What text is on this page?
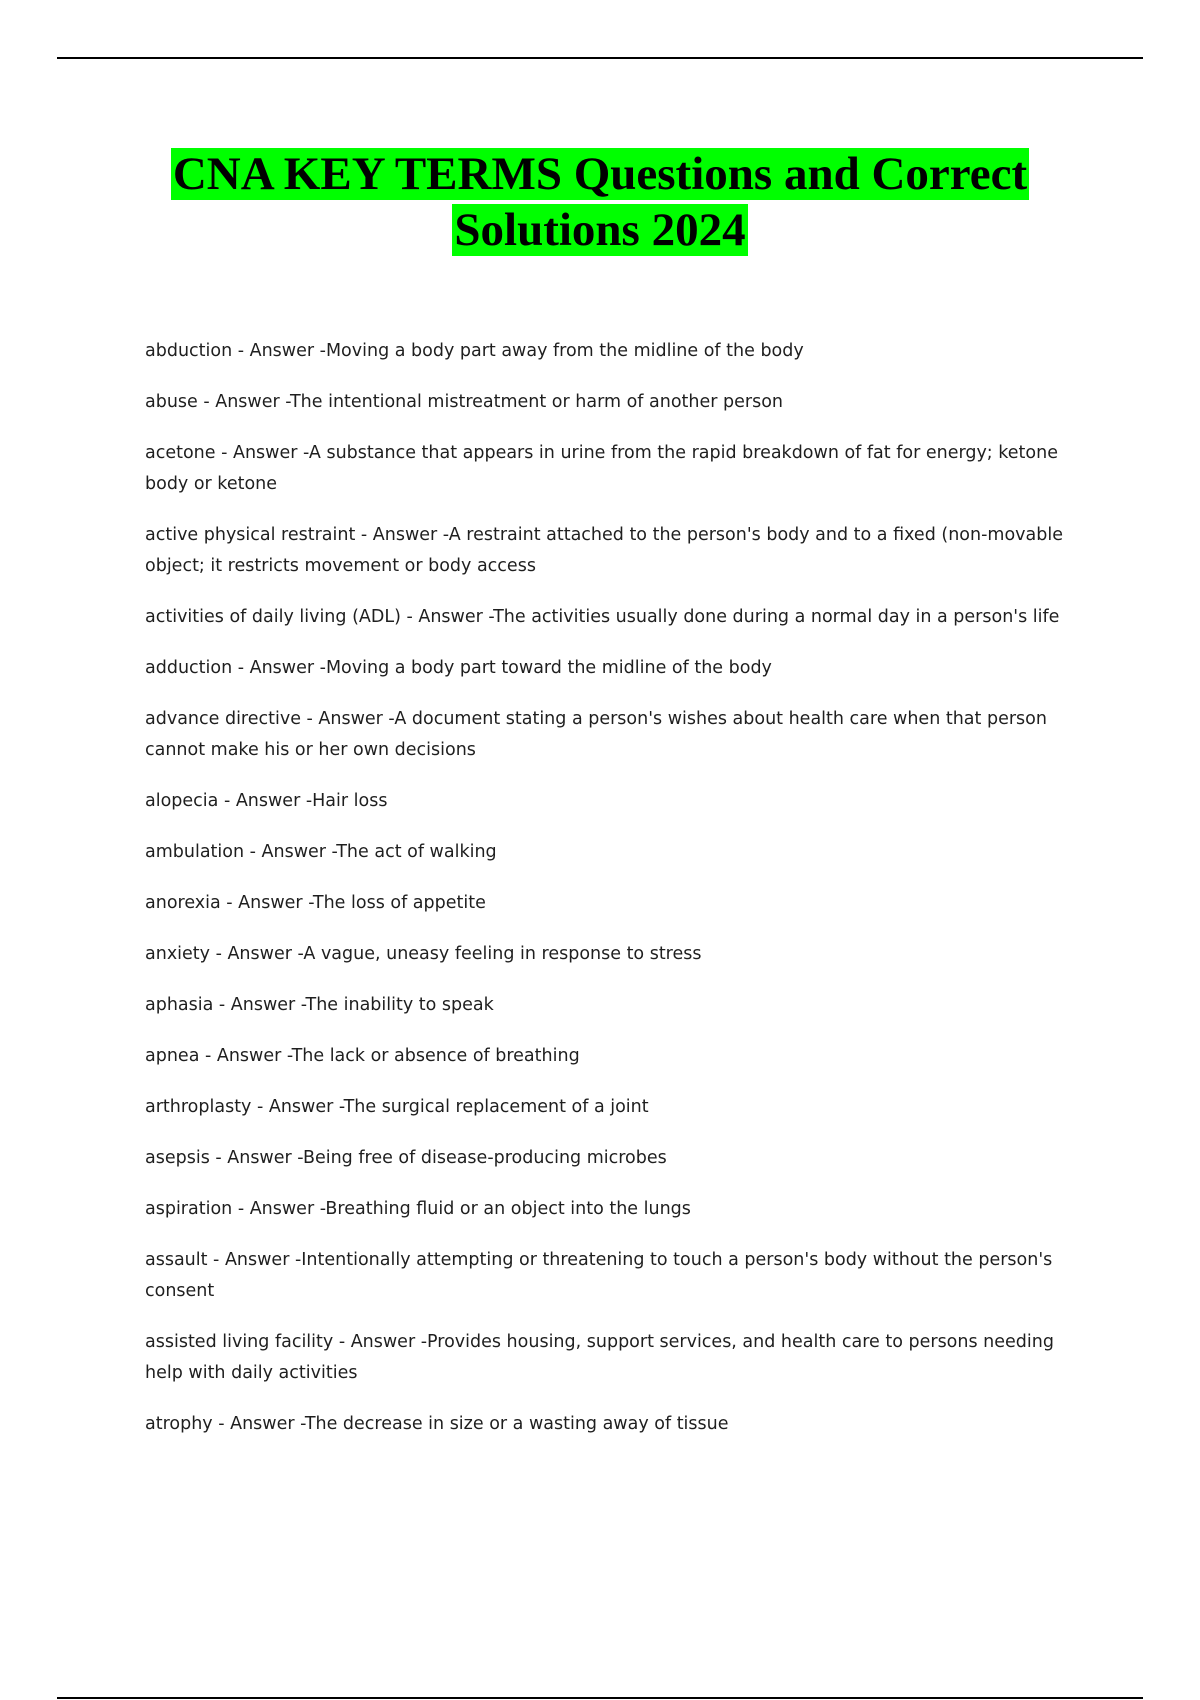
CNA KEY TERMS Questions and Correct
Solutions 2024
abduction - Answer -Moving a body part away from the midline of the body
abuse - Answer -The intentional mistreatment or harm of another person
acetone - Answer -A substance that appears in urine from the rapid breakdown of fat for energy; ketone body or ketone
active physical restraint - Answer -A restraint attached to the person's body and to a fixed (non-movable object; it restricts movement or body access
activities of daily living (ADL) - Answer -The activities usually done during a normal day in a person's life
adduction - Answer -Moving a body part toward the midline of the body
advance directive - Answer -A document stating a person's wishes about health care when that person cannot make his or her own decisions
alopecia - Answer -Hair loss
ambulation - Answer -The act of walking
anorexia - Answer -The loss of appetite
anxiety - Answer -A vague, uneasy feeling in response to stress
aphasia - Answer -The inability to speak
apnea - Answer -The lack or absence of breathing
arthroplasty - Answer -The surgical replacement of a joint
asepsis - Answer -Being free of disease-producing microbes
aspiration - Answer -Breathing fluid or an object into the lungs
assault - Answer -Intentionally attempting or threatening to touch a person's body without the person's consent
assisted living facility - Answer -Provides housing, support services, and health care to persons needing help with daily activities
atrophy - Answer -The decrease in size or a wasting away of tissue
